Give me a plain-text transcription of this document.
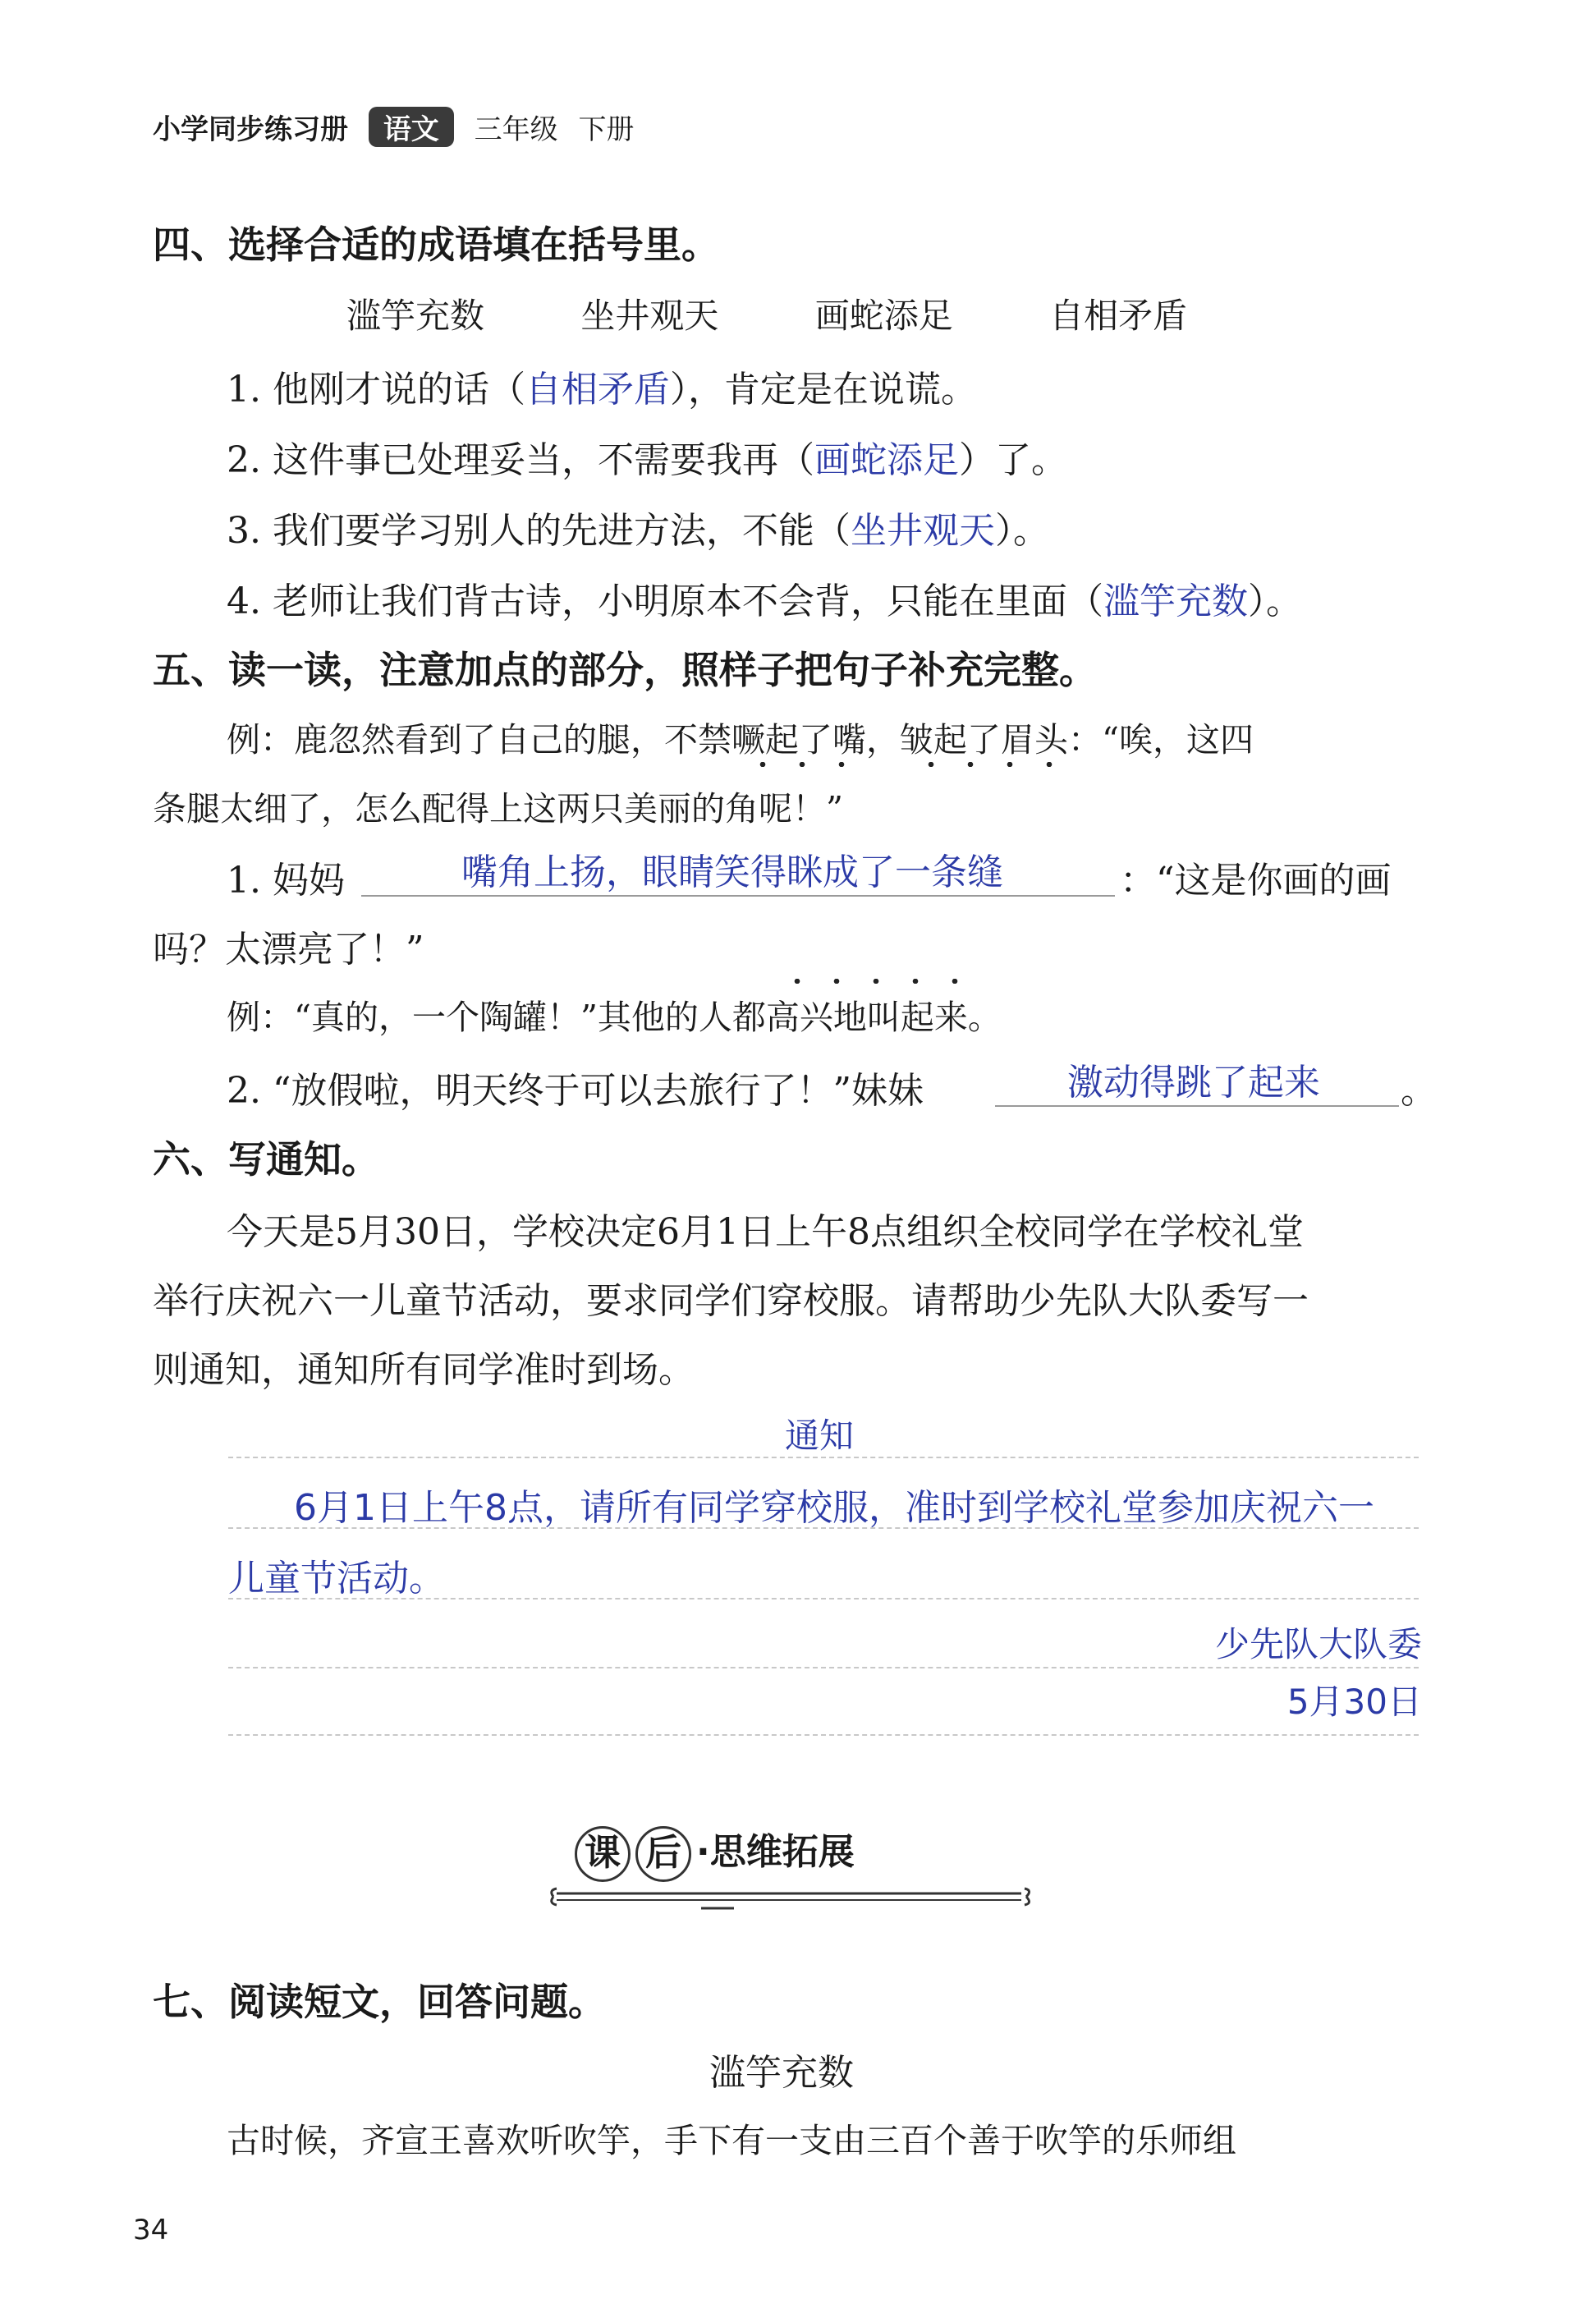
小学同步练习册 语文 三年级 下册
四、选择合适的成语填在括号里。
滥竽充数	坐井观天	画蛇添足	自相矛盾
1. 他刚才说的话（自相矛盾），肯定是在说谎。
2. 这件事已处理妥当，不需要我再（画蛇添足）了。
3. 我们要学习别人的先进方法，不能（坐井观天）。
4. 老师让我们背古诗，小明原本不会背，只能在里面（滥竽充数）。
五、读一读，注意加点的部分，照样子把句子补充完整。
例：鹿忽然看到了自己的腿，不禁噘起了嘴
，皱起了眉头
：“唉，这四
条腿太细了，怎么配得上这两只美丽的角呢！”
1. 妈妈	嘴角上扬，眼睛笑得眯成了一条缝	：“这是你画的画
吗？太漂亮了！”
例：“真的，一个陶罐！”其他的人都高兴地叫起来
。
2. “放假啦，明天终于可以去旅行了！”妹妹	激动得跳了起来 。
六、写通知。
今天是5月30日，学校决定6月1日上午8点组织全校同学在学校礼堂
举行庆祝六一儿童节活动，要求同学们穿校服。请帮助少先队大队委写一
则通知，通知所有同学准时到场。
通知
6月1日上午8点，请所有同学穿校服，准时到学校礼堂参加庆祝六一
儿童节活动。
少先队大队委
5月30日
课 后 ·思维拓展
七、阅读短文，回答问题。
滥竽充数
古时候，齐宣王喜欢听吹竽，手下有一支由三百个善于吹竽的乐师组
34
